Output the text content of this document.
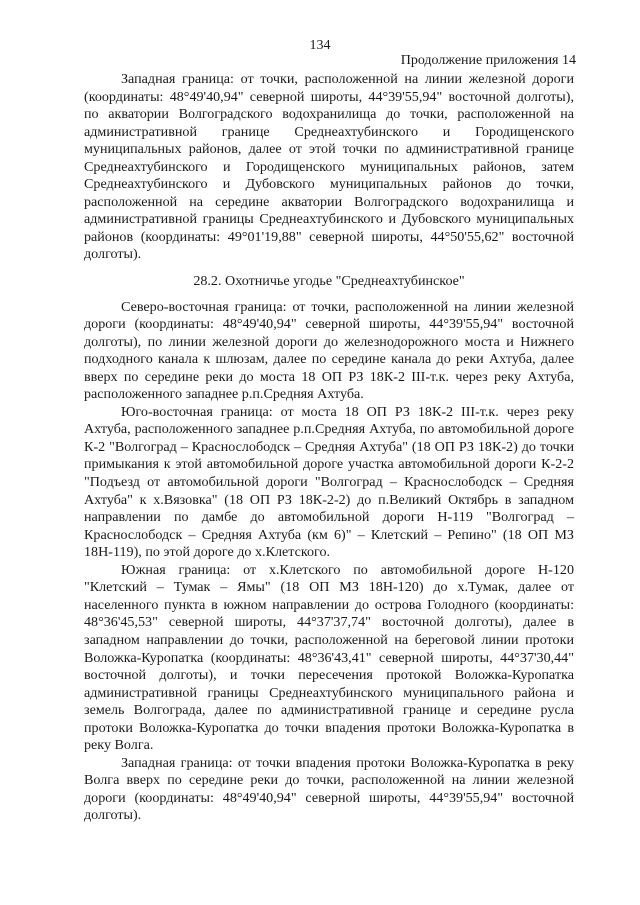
134
Продолжение приложения 14

Западная граница: от точки, расположенной на линии железной дороги (координаты: 48°49'40,94" северной широты, 44°39'55,94" восточной долготы), по акватории Волгоградского водохранилища до точки, расположенной на административной границе Среднеахтубинского и Городищенского муниципальных районов, далее от этой точки по административной границе Среднеахтубинского и Городищенского муниципальных районов, затем Среднеахтубинского и Дубовского муниципальных районов до точки, расположенной на середине акватории Волгоградского водохранилища и административной границы Среднеахтубинского и Дубовского муниципальных районов (координаты: 49°01'19,88" северной широты, 44°50'55,62" восточной долготы).

28.2. Охотничье угодье "Среднеахтубинское"

Северо-восточная граница: от точки, расположенной на линии железной дороги (координаты: 48°49'40,94" северной широты, 44°39'55,94" восточной долготы), по линии железной дороги до железнодорожного моста и Нижнего подходного канала к шлюзам, далее по середине канала до реки Ахтуба, далее вверх по середине реки до моста 18 ОП РЗ 18К-2 III-т.к. через реку Ахтуба, расположенного западнее р.п.Средняя Ахтуба.

Юго-восточная граница: от моста 18 ОП РЗ 18К-2 III-т.к. через реку Ахтуба, расположенного западнее р.п.Средняя Ахтуба, по автомобильной дороге К-2 "Волгоград – Краснослободск – Средняя Ахтуба" (18 ОП РЗ 18К-2) до точки примыкания к этой автомобильной дороге участка автомобильной дороги К-2-2 "Подъезд от автомобильной дороги "Волгоград – Краснослободск – Средняя Ахтуба" к х.Вязовка" (18 ОП РЗ 18К-2-2) до п.Великий Октябрь в западном направлении по дамбе до автомобильной дороги Н-119 "Волгоград – Краснослободск – Средняя Ахтуба (км 6)" – Клетский – Репино" (18 ОП МЗ 18Н-119), по этой дороге до х.Клетского.

Южная граница: от х.Клетского по автомобильной дороге Н-120 "Клетский – Тумак – Ямы" (18 ОП МЗ 18Н-120) до х.Тумак, далее от населенного пункта в южном направлении до острова Голодного (координаты: 48°36'45,53" северной широты, 44°37'37,74" восточной долготы), далее в западном направлении до точки, расположенной на береговой линии протоки Воложка-Куропатка (координаты: 48°36'43,41" северной широты, 44°37'30,44" восточной долготы), и точки пересечения протокой Воложка-Куропатка административной границы Среднеахтубинского муниципального района и земель Волгограда, далее по административной границе и середине русла протоки Воложка-Куропатка до точки впадения протоки Воложка-Куропатка в реку Волга.

Западная граница: от точки впадения протоки Воложка-Куропатка в реку Волга вверх по середине реки до точки, расположенной на линии железной дороги (координаты: 48°49'40,94" северной широты, 44°39'55,94" восточной долготы).
